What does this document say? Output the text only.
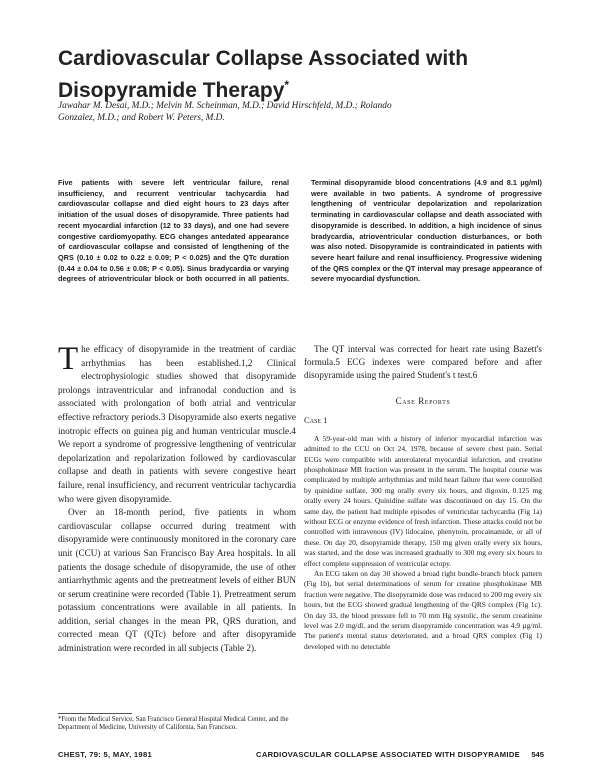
Cardiovascular Collapse Associated with Disopyramide Therapy*

Jawahar M. Desai, M.D.; Melvin M. Scheinman, M.D.; David Hirschfeld, M.D.; Rolando Gonzalez, M.D.; and Robert W. Peters, M.D.

Five patients with severe left ventricular failure, renal insufficiency, and recurrent ventricular tachycardia had cardiovascular collapse and died eight hours to 23 days after initiation of the usual doses of disopyramide. Three patients had recent myocardial infarction (12 to 33 days), and one had severe congestive cardiomyopathy. ECG changes antedated appearance of cardiovascular collapse and consisted of lengthening of the QRS (0.10 ± 0.02 to 0.22 ± 0.09; P < 0.025) and the QTc duration (0.44 ± 0.04 to 0.56 ± 0.08; P < 0.05). Sinus bradycardia or varying degrees of atrioventricular block or both occurred in all patients. Terminal disopyramide blood concentrations (4.9 and 8.1 µg/ml) were available in two patients. A syndrome of progressive lengthening of ventricular depolarization and repolarization terminating in cardiovascular collapse and death associated with disopyramide is described. In addition, a high incidence of sinus bradycardia, atrioventricular conduction disturbances, or both was also noted. Disopyramide is contraindicated in patients with severe heart failure and renal insufficiency. Progressive widening of the QRS complex or the QT interval may presage appearance of severe myocardial dysfunction.

The efficacy of disopyramide in the treatment of cardiac arrhythmias has been established.1,2 Clinical electrophysiologic studies showed that disopyramide prolongs intraventricular and infranodal conduction and is associated with prolongation of both atrial and ventricular effective refractory periods.3 Disopyramide also exerts negative inotropic effects on guinea pig and human ventricular muscle.4 We report a syndrome of progressive lengthening of ventricular depolarization and repolarization followed by cardiovascular collapse and death in patients with severe congestive heart failure, renal insufficiency, and recurrent ventricular tachycardia who were given disopyramide.

Over an 18-month period, five patients in whom cardiovascular collapse occurred during treatment with disopyramide were continuously monitored in the coronary care unit (CCU) at various San Francisco Bay Area hospitals. In all patients the dosage schedule of disopyramide, the use of other antiarrhythmic agents and the pretreatment levels of either BUN or serum creatinine were recorded (Table 1). Pretreatment serum potassium concentrations were available in all patients. In addition, serial changes in the mean PR, QRS duration, and corrected mean QT (QTc) before and after disopyramide administration were recorded in all subjects (Table 2).

The QT interval was corrected for heart rate using Bazett's formula.5 ECG indexes were compared before and after disopyramide using the paired Student's t test.6

Case Reports
Case 1

A 59-year-old man with a history of inferior myocardial infarction was admitted to the CCU on Oct 24, 1978, because of severe chest pain. Serial ECGs were compatible with anterolateral myocardial infarction, and creatine phosphokinase MB fraction was present in the serum. The hospital course was complicated by multiple arrhythmias and mild heart failure that were controlled by quinidine sulfate, 300 mg orally every six hours, and digoxin, 0.125 mg orally every 24 hours. Quinidine sulfate was discontinued on day 15. On the same day, the patient had multiple episodes of ventricular tachycardia (Fig 1a) without ECG or enzyme evidence of fresh infarction. These attacks could not be controlled with intravenous (IV) lidocaine, phenytoin, procainamide, or all of these. On day 20, disopyramide therapy, 150 mg given orally every six hours, was started, and the dose was increased gradually to 300 mg every six hours to effect complete suppression of ventricular ectopy.

An ECG taken on day 30 showed a broad right bundle-branch block pattern (Fig 1b), but serial determinations of serum for creatine phosphokinase MB fraction were negative. The disopyramide dose was reduced to 200 mg every six hours, but the ECG showed gradual lengthening of the QRS complex (Fig 1c). On day 33, the blood pressure fell to 70 mm Hg systolic, the serum creatinine level was 2.0 mg/dl, and the serum disopyramide concentration was 4.9 µg/ml. The patient's mental status deteriorated, and a broad QRS complex (Fig 1) developed with no detectable

*From the Medical Service, San Francisco General Hospital Medical Center, and the Department of Medicine, University of California, San Francisco.

CHEST, 79: 5, MAY, 1981	CARDIOVASCULAR COLLAPSE ASSOCIATED WITH DISOPYRAMIDE 545
